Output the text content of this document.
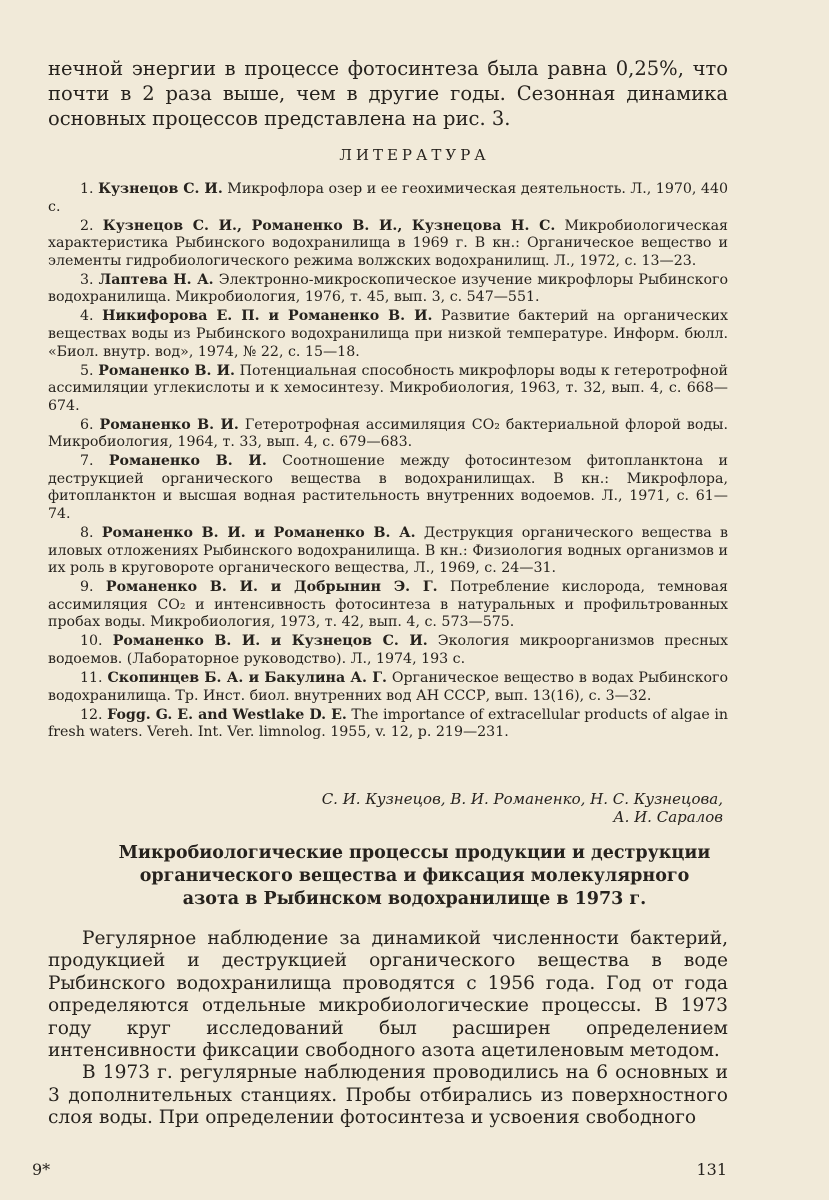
нечной энергии в процессе фотосинтеза была равна 0,25%, что почти в 2 раза выше, чем в другие годы. Сезонная динамика основных процессов представлена на рис. 3.

ЛИТЕРАТУРА

1. Кузнецов С. И. Микрофлора озер и ее геохимическая деятельность. Л., 1970, 440 с.

2. Кузнецов С. И., Романенко В. И., Кузнецова Н. С. Микробиологическая характеристика Рыбинского водохранилища в 1969 г. В кн.: Органическое вещество и элементы гидробиологического режима волжских водохранилищ. Л., 1972, с. 13—23.

3. Лаптева Н. А. Электронно-микроскопическое изучение микрофлоры Рыбинского водохранилища. Микробиология, 1976, т. 45, вып. 3, с. 547—551.

4. Никифорова Е. П. и Романенко В. И. Развитие бактерий на органических веществах воды из Рыбинского водохранилища при низкой температуре. Информ. бюлл. «Биол. внутр. вод», 1974, № 22, с. 15—18.

5. Романенко В. И. Потенциальная способность микрофлоры воды к гетеротрофной ассимиляции углекислоты и к хемосинтезу. Микробиология, 1963, т. 32, вып. 4, с. 668—674.

6. Романенко В. И. Гетеротрофная ассимиляция CO₂ бактериальной флорой воды. Микробиология, 1964, т. 33, вып. 4, с. 679—683.

7. Романенко В. И. Соотношение между фотосинтезом фитопланктона и деструкцией органического вещества в водохранилищах. В кн.: Микрофлора, фитопланктон и высшая водная растительность внутренних водоемов. Л., 1971, с. 61—74.

8. Романенко В. И. и Романенко В. А. Деструкция органического вещества в иловых отложениях Рыбинского водохранилища. В кн.: Физиология водных организмов и их роль в круговороте органического вещества, Л., 1969, с. 24—31.

9. Романенко В. И. и Добрынин Э. Г. Потребление кислорода, темновая ассимиляция CO₂ и интенсивность фотосинтеза в натуральных и профильтрованных пробах воды. Микробиология, 1973, т. 42, вып. 4, с. 573—575.

10. Романенко В. И. и Кузнецов С. И. Экология микроорганизмов пресных водоемов. (Лабораторное руководство). Л., 1974, 193 с.

11. Скопинцев Б. А. и Бакулина А. Г. Органическое вещество в водах Рыбинского водохранилища. Тр. Инст. биол. внутренних вод АН СССР, вып. 13(16), с. 3—32.

12. Fogg. G. E. and Westlake D. E. The importance of extracellular products of algae in fresh waters. Vereh. Int. Ver. limnolog. 1955, v. 12, p. 219—231.

С. И. Кузнецов, В. И. Романенко, Н. С. Кузнецова,

А. И. Саралов

Микробиологические процессы продукции и деструкции
органического вещества и фиксация молекулярного
азота в Рыбинском водохранилище в 1973 г.

Регулярное наблюдение за динамикой численности бактерий, продукцией и деструкцией органического вещества в воде Рыбинского водохранилища проводятся с 1956 года. Год от года определяются отдельные микробиологические процессы. В 1973 году круг исследований был расширен определением интенсивности фиксации свободного азота ацетиленовым методом.

В 1973 г. регулярные наблюдения проводились на 6 основных и 3 дополнительных станциях. Пробы отбирались из поверхностного слоя воды. При определении фотосинтеза и усвоения свободного

9*	131
